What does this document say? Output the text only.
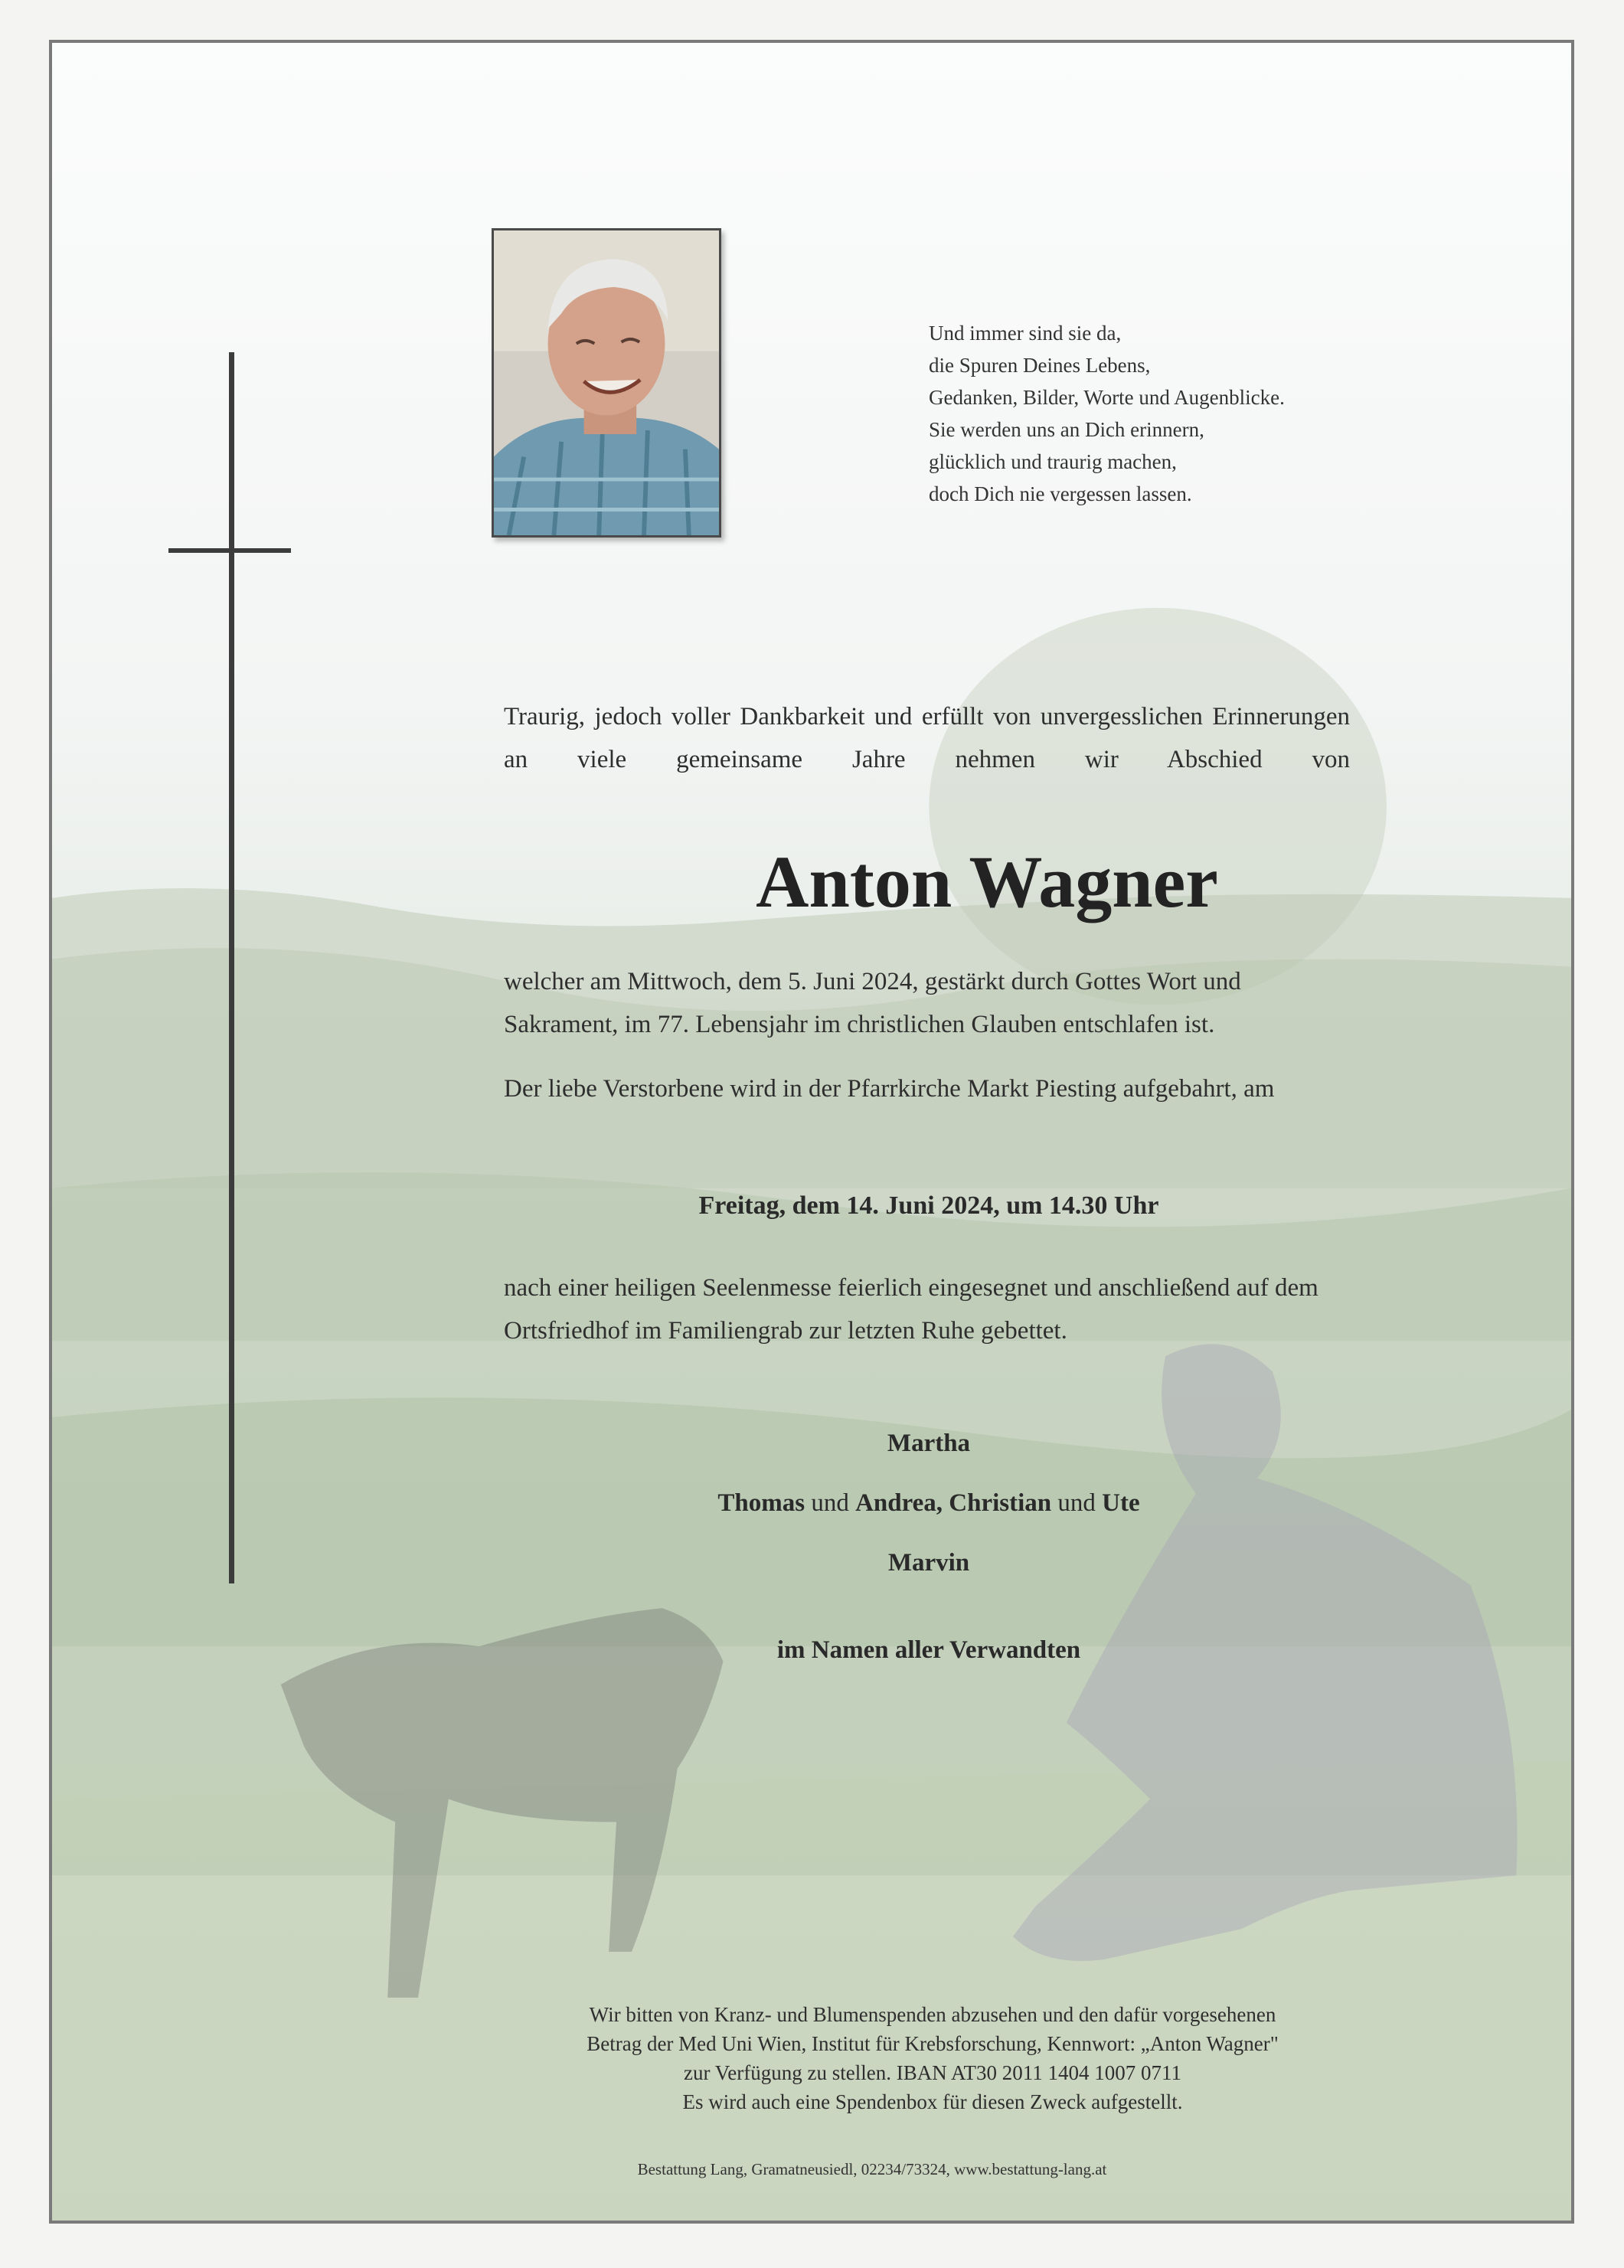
Und immer sind sie da,
die Spuren Deines Lebens,
Gedanken, Bilder, Worte und Augenblicke.
Sie werden uns an Dich erinnern,
glücklich und traurig machen,
doch Dich nie vergessen lassen.
Traurig, jedoch voller Dankbarkeit und erfüllt von unvergesslichen Erinnerungen an viele gemeinsame Jahre nehmen wir Abschied von
Anton Wagner
welcher am Mittwoch, dem 5. Juni 2024, gestärkt durch Gottes Wort und Sakrament, im 77. Lebensjahr im christlichen Glauben entschlafen ist.
Der liebe Verstorbene wird in der Pfarrkirche Markt Piesting aufgebahrt, am
Freitag, dem 14. Juni 2024, um 14.30 Uhr
nach einer heiligen Seelenmesse feierlich eingesegnet und anschließend auf dem Ortsfriedhof im Familiengrab zur letzten Ruhe gebettet.
Martha
Thomas und Andrea, Christian und Ute
Marvin
im Namen aller Verwandten
Wir bitten von Kranz- und Blumenspenden abzusehen und den dafür vorgesehenen
Betrag der Med Uni Wien, Institut für Krebsforschung, Kennwort: „Anton Wagner"
zur Verfügung zu stellen. IBAN AT30 2011 1404 1007 0711
Es wird auch eine Spendenbox für diesen Zweck aufgestellt.
Bestattung Lang, Gramatneusiedl, 02234/73324, www.bestattung-lang.at
